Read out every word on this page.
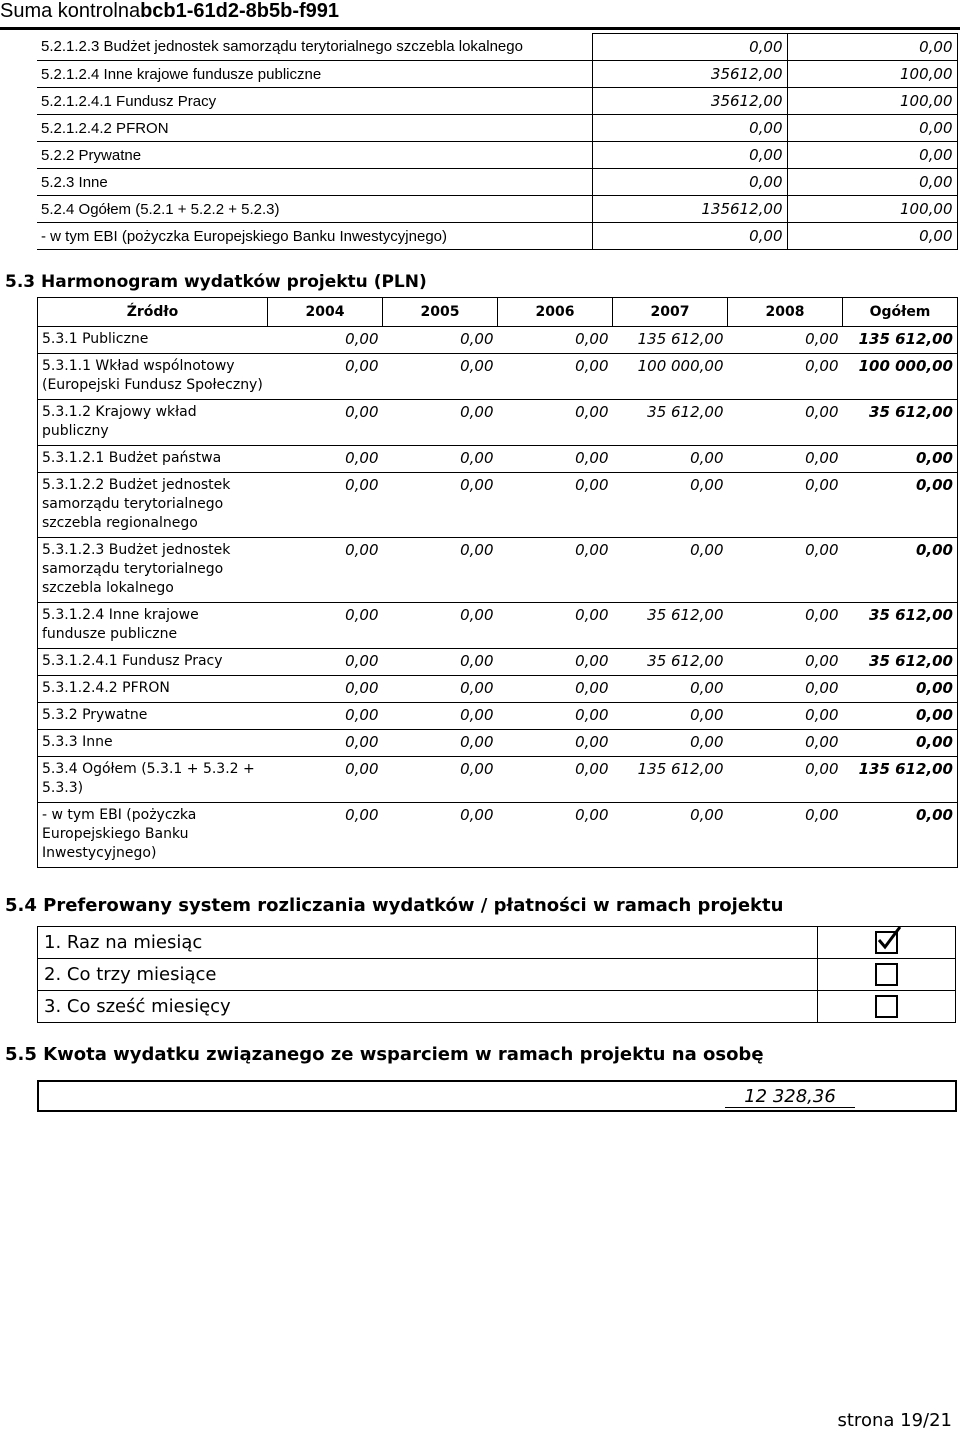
Suma kontrolnabcb1-61d2-8b5b-f991
5.2.1.2.3 Budżet jednostek samorządu terytorialnego szczebla lokalnego	0,00	0,00
5.2.1.2.4 Inne krajowe fundusze publiczne	35612,00	100,00
5.2.1.2.4.1 Fundusz Pracy	35612,00	100,00
5.2.1.2.4.2 PFRON	0,00	0,00
5.2.2 Prywatne	0,00	0,00
5.2.3 Inne	0,00	0,00
5.2.4 Ogółem (5.2.1 + 5.2.2 + 5.2.3)	135612,00	100,00
- w tym EBI (pożyczka Europejskiego Banku Inwestycyjnego)	0,00	0,00
5.3 Harmonogram wydatków projektu (PLN)
Źródło	2004	2005	2006	2007	2008	Ogółem
5.3.1 Publiczne	0,00	0,00	0,00	135 612,00	0,00	135 612,00
5.3.1.1 Wkład wspólnotowy (Europejski Fundusz Społeczny)	0,00	0,00	0,00	100 000,00	0,00	100 000,00
5.3.1.2 Krajowy wkład publiczny	0,00	0,00	0,00	35 612,00	0,00	35 612,00
5.3.1.2.1 Budżet państwa	0,00	0,00	0,00	0,00	0,00	0,00
5.3.1.2.2 Budżet jednostek samorządu terytorialnego szczebla regionalnego	0,00	0,00	0,00	0,00	0,00	0,00
5.3.1.2.3 Budżet jednostek samorządu terytorialnego szczebla lokalnego	0,00	0,00	0,00	0,00	0,00	0,00
5.3.1.2.4 Inne krajowe fundusze publiczne	0,00	0,00	0,00	35 612,00	0,00	35 612,00
5.3.1.2.4.1 Fundusz Pracy	0,00	0,00	0,00	35 612,00	0,00	35 612,00
5.3.1.2.4.2 PFRON	0,00	0,00	0,00	0,00	0,00	0,00
5.3.2 Prywatne	0,00	0,00	0,00	0,00	0,00	0,00
5.3.3 Inne	0,00	0,00	0,00	0,00	0,00	0,00
5.3.4 Ogółem (5.3.1 + 5.3.2 + 5.3.3)	0,00	0,00	0,00	135 612,00	0,00	135 612,00
- w tym EBI (pożyczka Europejskiego Banku Inwestycyjnego)	0,00	0,00	0,00	0,00	0,00	0,00
5.4 Preferowany system rozliczania wydatków / płatności w ramach projektu
1. Raz na miesiąc	

2. Co trzy miesiące	
3. Co sześć miesięcy	
5.5 Kwota wydatku związanego ze wsparciem w ramach projektu na osobę
12 328,36
strona 19/21
